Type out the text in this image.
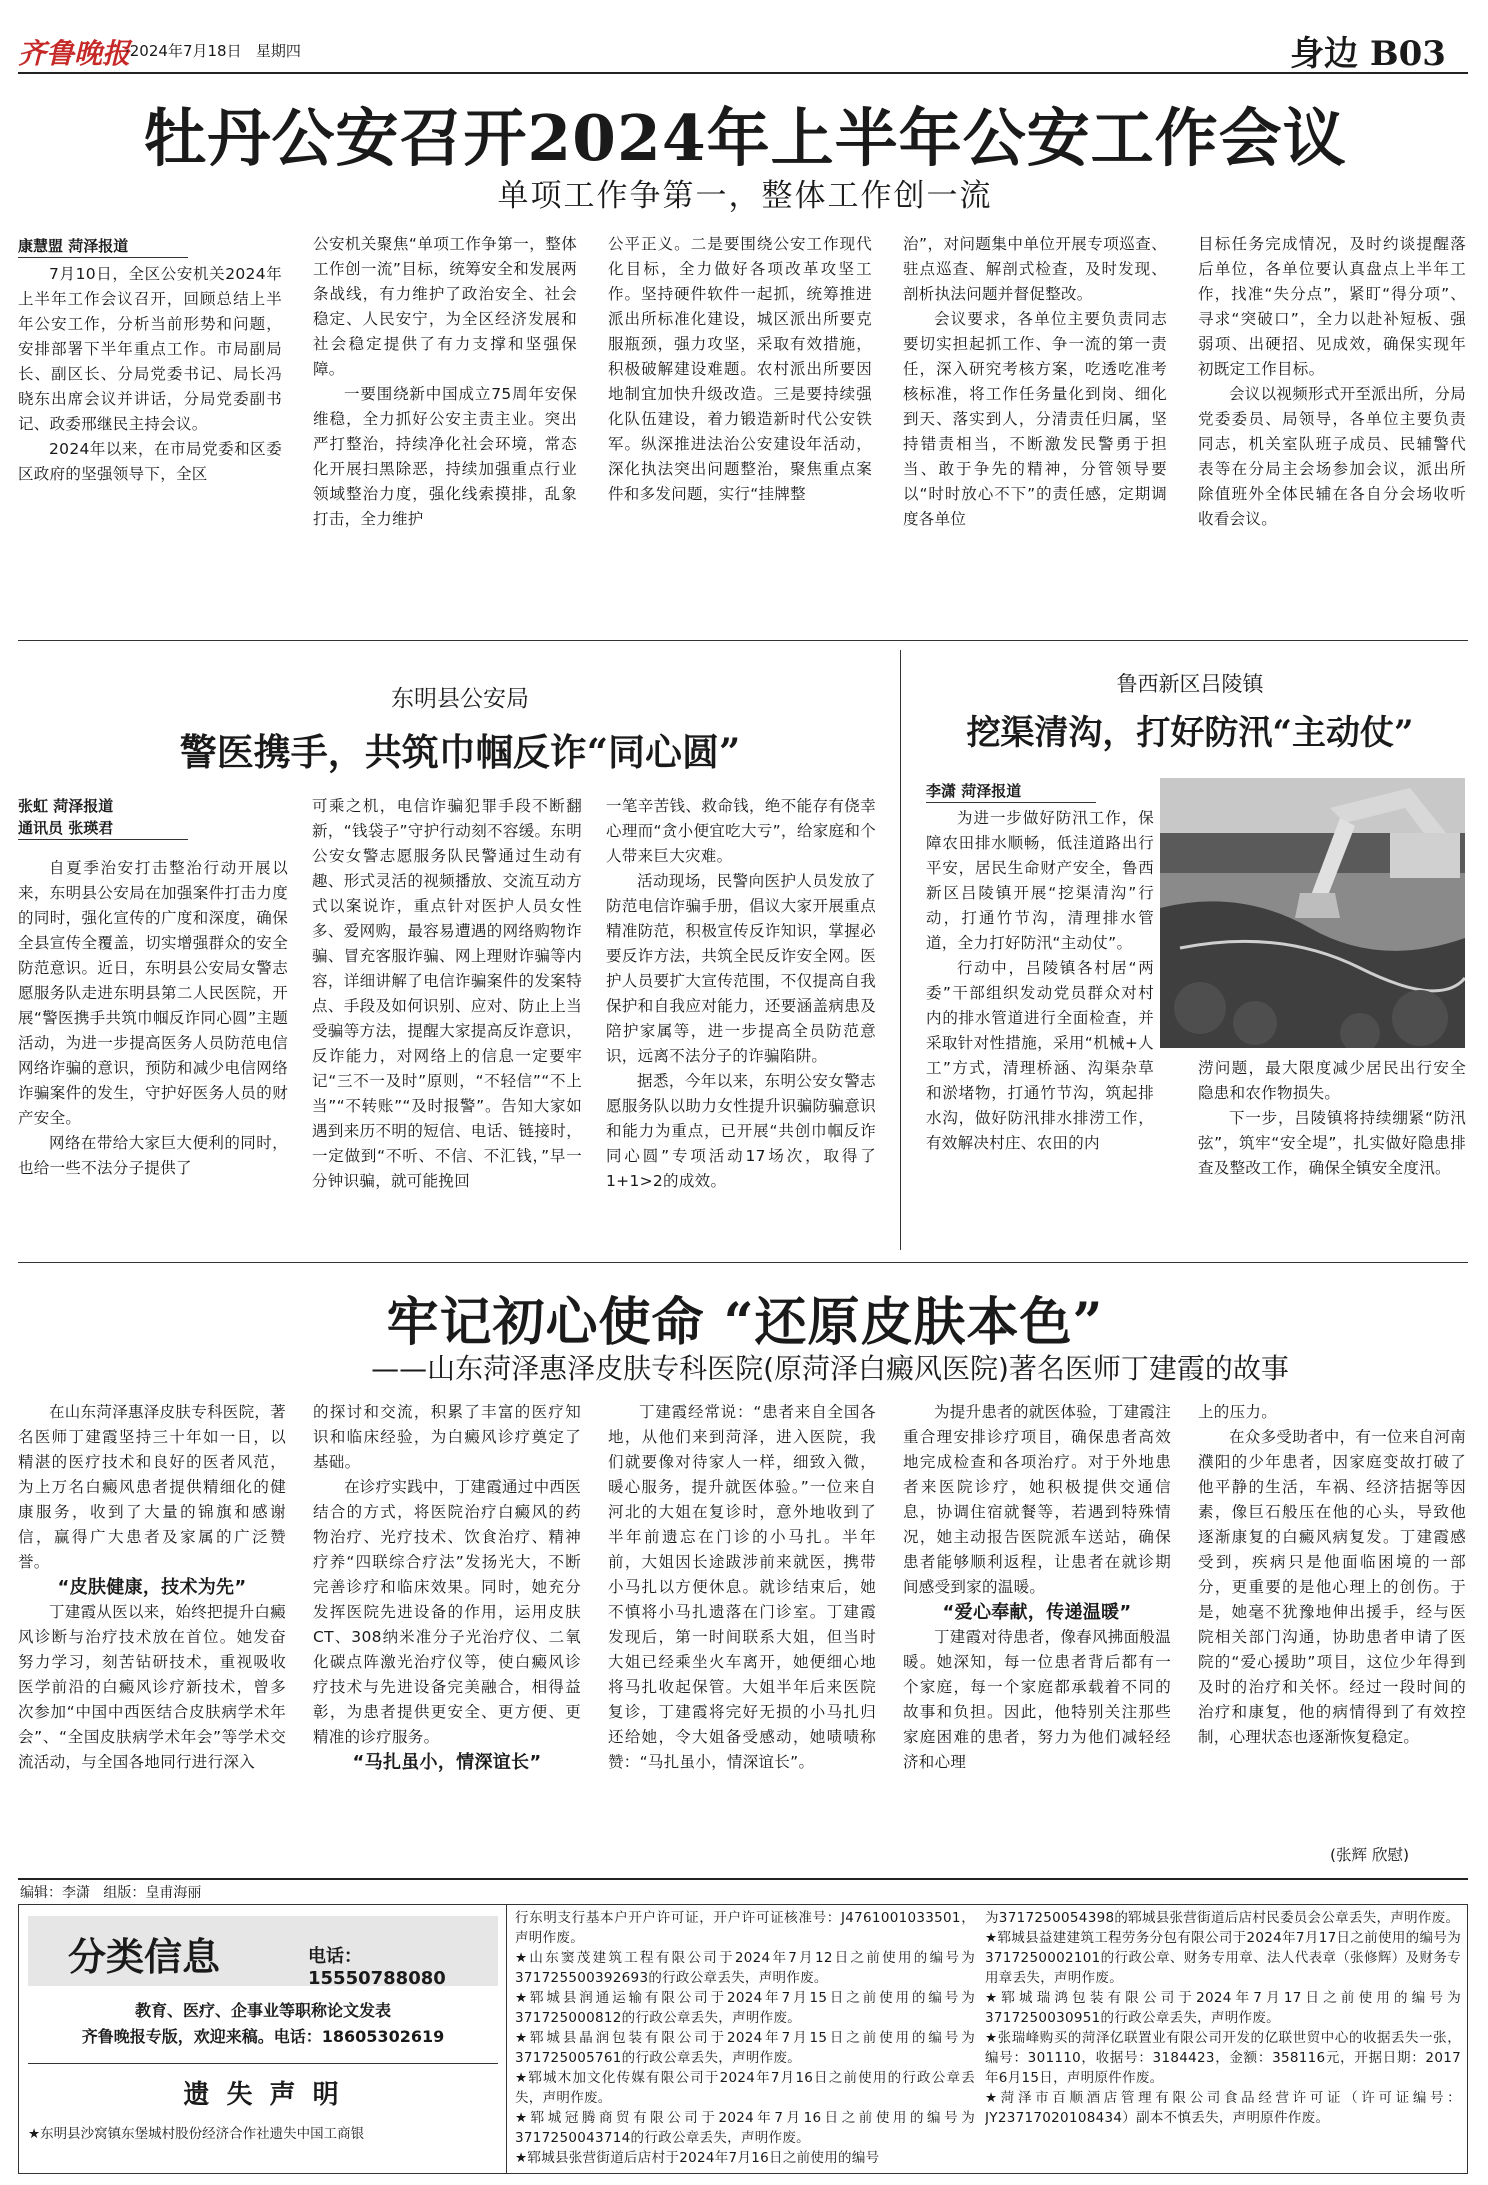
齐鲁晚报
·2024年7月18日 星期四	身边 B03
牡丹公安召开2024年上半年公安工作会议
单项工作争第一，整体工作创一流
康慧盟 菏泽报道

7月10日，全区公安机关2024年上半年工作会议召开，回顾总结上半年公安工作，分析当前形势和问题，安排部署下半年重点工作。市局副局长、副区长、分局党委书记、局长冯晓东出席会议并讲话，分局党委副书记、政委邢继民主持会议。

2024年以来，在市局党委和区委区政府的坚强领导下，全区

公安机关聚焦“单项工作争第一，整体工作创一流”目标，统筹安全和发展两条战线，有力维护了政治安全、社会稳定、人民安宁，为全区经济发展和社会稳定提供了有力支撑和坚强保障。

一要围绕新中国成立75周年安保维稳，全力抓好公安主责主业。突出严打整治，持续净化社会环境，常态化开展扫黑除恶，持续加强重点行业领域整治力度，强化线索摸排，乱象打击，全力维护

公平正义。二是要围绕公安工作现代化目标，全力做好各项改革攻坚工作。坚持硬件软件一起抓，统筹推进派出所标准化建设，城区派出所要克服瓶颈，强力攻坚，采取有效措施，积极破解建设难题。农村派出所要因地制宜加快升级改造。三是要持续强化队伍建设，着力锻造新时代公安铁军。纵深推进法治公安建设年活动，深化执法突出问题整治，聚焦重点案件和多发问题，实行“挂牌整

治”，对问题集中单位开展专项巡查、驻点巡查、解剖式检查，及时发现、剖析执法问题并督促整改。

会议要求，各单位主要负责同志要切实担起抓工作、争一流的第一责任，深入研究考核方案，吃透吃准考核标准，将工作任务量化到岗、细化到天、落实到人，分清责任归属，坚持错责相当，不断激发民警勇于担当、敢于争先的精神，分管领导要以“时时放心不下”的责任感，定期调度各单位

目标任务完成情况，及时约谈提醒落后单位，各单位要认真盘点上半年工作，找准“失分点”，紧盯“得分项”、寻求“突破口”，全力以赴补短板、强弱项、出硬招、见成效，确保实现年初既定工作目标。

会议以视频形式开至派出所，分局党委委员、局领导，各单位主要负责同志，机关室队班子成员、民辅警代表等在分局主会场参加会议，派出所除值班外全体民辅在各自分会场收听收看会议。

东明县公安局
警医携手，共筑巾帼反诈“同心圆”
张虹 菏泽报道
通讯员 张瑛君

自夏季治安打击整治行动开展以来，东明县公安局在加强案件打击力度的同时，强化宣传的广度和深度，确保全县宣传全覆盖，切实增强群众的安全防范意识。近日，东明县公安局女警志愿服务队走进东明县第二人民医院，开展“警医携手共筑巾帼反诈同心圆”主题活动，为进一步提高医务人员防范电信网络诈骗的意识，预防和减少电信网络诈骗案件的发生，守护好医务人员的财产安全。

网络在带给大家巨大便利的同时，也给一些不法分子提供了

可乘之机，电信诈骗犯罪手段不断翻新，“钱袋子”守护行动刻不容缓。东明公安女警志愿服务队民警通过生动有趣、形式灵活的视频播放、交流互动方式以案说诈，重点针对医护人员女性多、爱网购，最容易遭遇的网络购物诈骗、冒充客服诈骗、网上理财诈骗等内容，详细讲解了电信诈骗案件的发案特点、手段及如何识别、应对、防止上当受骗等方法，提醒大家提高反诈意识，反诈能力，对网络上的信息一定要牢记“三不一及时”原则，“不轻信”“不上当”“不转账”“及时报警”。告知大家如遇到来历不明的短信、电话、链接时，一定做到“不听、不信、不汇钱，”早一分钟识骗，就可能挽回

一笔辛苦钱、救命钱，绝不能存有侥幸心理而“贪小便宜吃大亏”，给家庭和个人带来巨大灾难。

活动现场，民警向医护人员发放了防范电信诈骗手册，倡议大家开展重点精准防范，积极宣传反诈知识，掌握必要反诈方法，共筑全民反诈安全网。医护人员要扩大宣传范围，不仅提高自我保护和自我应对能力，还要涵盖病患及陪护家属等，进一步提高全员防范意识，远离不法分子的诈骗陷阱。

据悉，今年以来，东明公安女警志愿服务队以助力女性提升识骗防骗意识和能力为重点，已开展“共创巾帼反诈同心圆”专项活动17场次，取得了1+1>2的成效。

鲁西新区吕陵镇
挖渠清沟，打好防汛“主动仗”
李潇 菏泽报道

为进一步做好防汛工作，保障农田排水顺畅，低洼道路出行平安，居民生命财产安全，鲁西新区吕陵镇开展“挖渠清沟”行动，打通竹节沟，清理排水管道，全力打好防汛“主动仗”。

行动中，吕陵镇各村居“两委”干部组织发动党员群众对村内的排水管道进行全面检查，并采取针对性措施，采用“机械+人工”方式，清理桥涵、沟渠杂草和淤堵物，打通竹节沟，筑起排水沟，做好防汛排水排涝工作，有效解决村庄、农田的内

涝问题，最大限度减少居民出行安全隐患和农作物损失。

下一步，吕陵镇将持续绷紧“防汛弦”，筑牢“安全堤”，扎实做好隐患排查及整改工作，确保全镇安全度汛。

牢记初心使命 “还原皮肤本色”
——山东菏泽惠泽皮肤专科医院(原菏泽白癜风医院)著名医师丁建霞的故事

在山东菏泽惠泽皮肤专科医院，著名医师丁建霞坚持三十年如一日，以精湛的医疗技术和良好的医者风范，为上万名白癜风患者提供精细化的健康服务，收到了大量的锦旗和感谢信，赢得广大患者及家属的广泛赞誉。

“皮肤健康，技术为先”

丁建霞从医以来，始终把提升白癜风诊断与治疗技术放在首位。她发奋努力学习，刻苦钻研技术，重视吸收医学前沿的白癜风诊疗新技术，曾多次参加“中国中西医结合皮肤病学术年会”、“全国皮肤病学术年会”等学术交流活动，与全国各地同行进行深入

的探讨和交流，积累了丰富的医疗知识和临床经验，为白癜风诊疗奠定了基础。

在诊疗实践中，丁建霞通过中西医结合的方式，将医院治疗白癜风的药物治疗、光疗技术、饮食治疗、精神疗养“四联综合疗法”发扬光大，不断完善诊疗和临床效果。同时，她充分发挥医院先进设备的作用，运用皮肤CT、308纳米准分子光治疗仪、二氧化碳点阵激光治疗仪等，使白癜风诊疗技术与先进设备完美融合，相得益彰，为患者提供更安全、更方便、更精准的诊疗服务。

“马扎虽小，情深谊长”

丁建霞经常说：“患者来自全国各地，从他们来到菏泽，进入医院，我们就要像对待家人一样，细致入微，暖心服务，提升就医体验。”一位来自河北的大姐在复诊时，意外地收到了半年前遗忘在门诊的小马扎。半年前，大姐因长途跋涉前来就医，携带小马扎以方便休息。就诊结束后，她不慎将小马扎遗落在门诊室。丁建霞发现后，第一时间联系大姐，但当时大姐已经乘坐火车离开，她便细心地将马扎收起保管。大姐半年后来医院复诊，丁建霞将完好无损的小马扎归还给她，令大姐备受感动，她啧啧称赞：“马扎虽小，情深谊长”。

为提升患者的就医体验，丁建霞注重合理安排诊疗项目，确保患者高效地完成检查和各项治疗。对于外地患者来医院诊疗，她积极提供交通信息，协调住宿就餐等，若遇到特殊情况，她主动报告医院派车送站，确保患者能够顺利返程，让患者在就诊期间感受到家的温暖。

“爱心奉献，传递温暖”

丁建霞对待患者，像春风拂面般温暖。她深知，每一位患者背后都有一个家庭，每一个家庭都承载着不同的故事和负担。因此，他特别关注那些家庭困难的患者，努力为他们减轻经济和心理

上的压力。

在众多受助者中，有一位来自河南濮阳的少年患者，因家庭变故打破了他平静的生活，车祸、经济拮据等因素，像巨石般压在他的心头，导致他逐渐康复的白癜风病复发。丁建霞感受到，疾病只是他面临困境的一部分，更重要的是他心理上的创伤。于是，她毫不犹豫地伸出援手，经与医院相关部门沟通，协助患者申请了医院的“爱心援助”项目，这位少年得到及时的治疗和关怀。经过一段时间的治疗和康复，他的病情得到了有效控制，心理状态也逐渐恢复稳定。

(张辉 欣慰)
编辑：李潇 组版：皇甫海丽
分类信息	电话：15550788080
教育、医疗、企事业等职称论文发表
齐鲁晚报专版，欢迎来稿。电话：18605302619
遗 失 声 明
★东明县沙窝镇东堡城村股份经济合作社遗失中国工商银

行东明支行基本户开户许可证，开户许可证核准号：J4761001033501，声明作废。
★山东窦茂建筑工程有限公司于2024年7月12日之前使用的编号为371725500392693的行政公章丢失，声明作废。
★郓城县润通运输有限公司于2024年7月15日之前使用的编号为371725000812的行政公章丢失，声明作废。
★郓城县晶润包装有限公司于2024年7月15日之前使用的编号为371725005761的行政公章丢失，声明作废。
★郓城木加文化传媒有限公司于2024年7月16日之前使用的行政公章丢失，声明作废。
★郓城冠腾商贸有限公司于2024年7月16日之前使用的编号为3717250043714的行政公章丢失，声明作废。
★郓城县张营街道后店村于2024年7月16日之前使用的编号

为3717250054398的郓城县张营街道后店村民委员会公章丢失，声明作废。
★郓城县益建建筑工程劳务分包有限公司于2024年7月17日之前使用的编号为3717250002101的行政公章、财务专用章、法人代表章（张修辉）及财务专用章丢失，声明作废。
★郓城瑞鸿包装有限公司于2024年7月17日之前使用的编号为3717250030951的行政公章丢失，声明作废。
★张瑞峰购买的菏泽亿联置业有限公司开发的亿联世贸中心的收据丢失一张，编号：301110，收据号：3184423，金额：358116元，开据日期：2017年6月15日，声明原件作废。
★菏泽市百顺酒店管理有限公司食品经营许可证（许可证编号：JY23717020108434）副本不慎丢失，声明原件作废。
